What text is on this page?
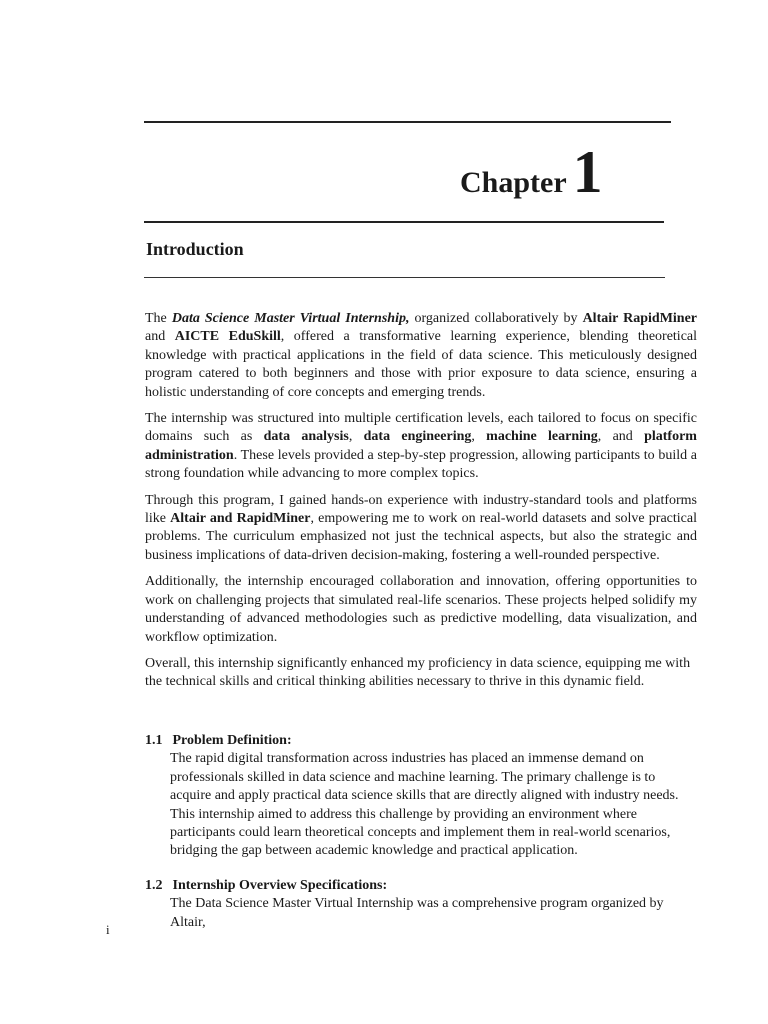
Chapter 1
Introduction

The Data Science Master Virtual Internship, organized collaboratively by Altair RapidMiner and AICTE EduSkill, offered a transformative learning experience, blending theoretical knowledge with practical applications in the field of data science. This meticulously designed program catered to both beginners and those with prior exposure to data science, ensuring a holistic understanding of core concepts and emerging trends.

The internship was structured into multiple certification levels, each tailored to focus on specific domains such as data analysis, data engineering, machine learning, and platform administration. These levels provided a step-by-step progression, allowing participants to build a strong foundation while advancing to more complex topics.

Through this program, I gained hands-on experience with industry-standard tools and platforms like Altair and RapidMiner, empowering me to work on real-world datasets and solve practical problems. The curriculum emphasized not just the technical aspects, but also the strategic and business implications of data-driven decision-making, fostering a well-rounded perspective.

Additionally, the internship encouraged collaboration and innovation, offering opportunities to work on challenging projects that simulated real-life scenarios. These projects helped solidify my understanding of advanced methodologies such as predictive modelling, data visualization, and workflow optimization.

Overall, this internship significantly enhanced my proficiency in data science, equipping me with the technical skills and critical thinking abilities necessary to thrive in this dynamic field.

1.1 Problem Definition:

The rapid digital transformation across industries has placed an immense demand on professionals skilled in data science and machine learning. The primary challenge is to acquire and apply practical data science skills that are directly aligned with industry needs. This internship aimed to address this challenge by providing an environment where participants could learn theoretical concepts and implement them in real-world scenarios, bridging the gap between academic knowledge and practical application.

1.2 Internship Overview Specifications:

The Data Science Master Virtual Internship was a comprehensive program organized by Altair,

i
